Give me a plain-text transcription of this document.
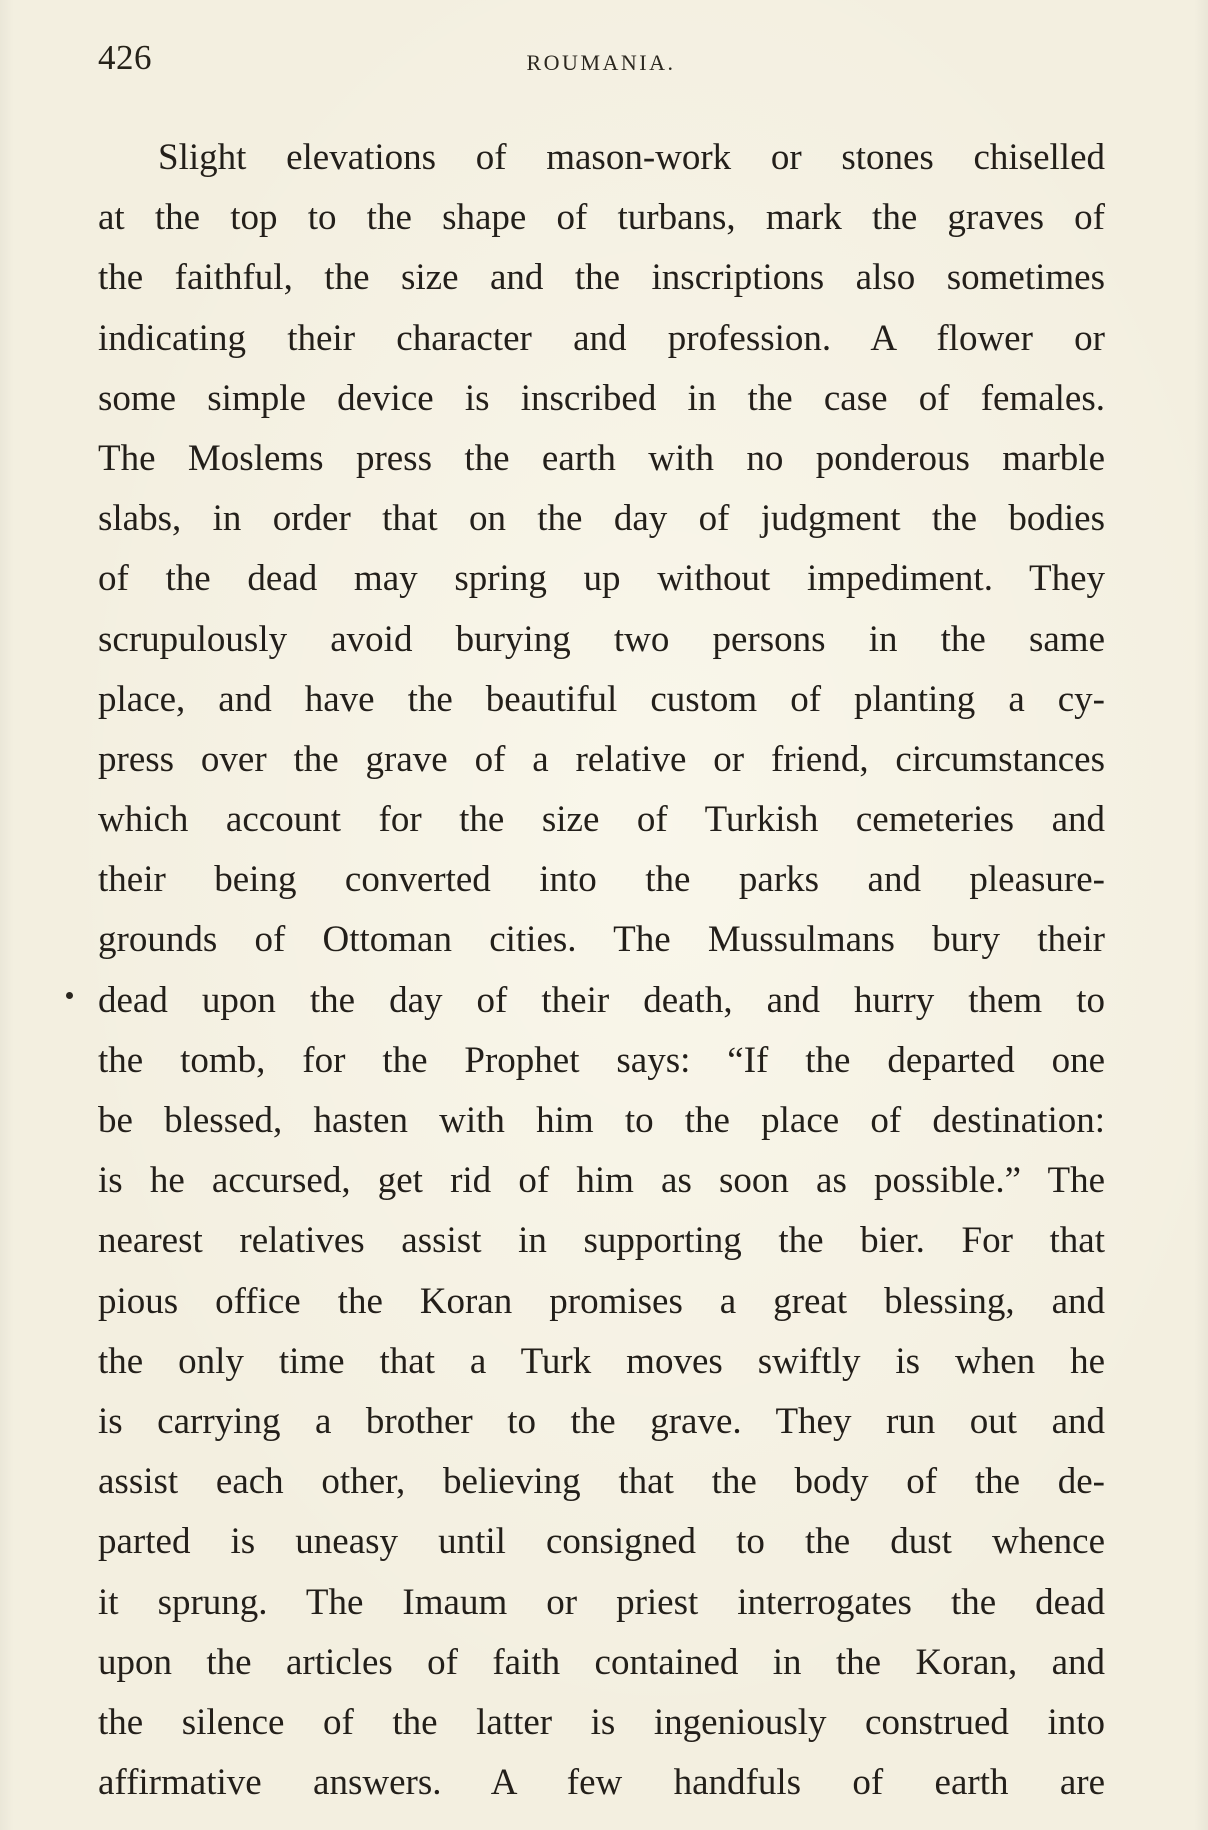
426	ROUMANIA.
Slight elevations of mason-work or stones chiselled
at the top to the shape of turbans, mark the graves of
the faithful, the size and the inscriptions also sometimes
indicating their character and profession. A flower or
some simple device is inscribed in the case of females.
The Moslems press the earth with no ponderous marble
slabs, in order that on the day of judgment the bodies
of the dead may spring up without impediment. They
scrupulously avoid burying two persons in the same
place, and have the beautiful custom of planting a cy-
press over the grave of a relative or friend, circumstances
which account for the size of Turkish cemeteries and
their being converted into the parks and pleasure-
grounds of Ottoman cities. The Mussulmans bury their
dead upon the day of their death, and hurry them to
the tomb, for the Prophet says: “If the departed one
be blessed, hasten with him to the place of destination:
is he accursed, get rid of him as soon as possible.” The
nearest relatives assist in supporting the bier. For that
pious office the Koran promises a great blessing, and
the only time that a Turk moves swiftly is when he
is carrying a brother to the grave. They run out and
assist each other, believing that the body of the de-
parted is uneasy until consigned to the dust whence
it sprung. The Imaum or priest interrogates the dead
upon the articles of faith contained in the Koran, and
the silence of the latter is ingeniously construed into
affirmative answers. A few handfuls of earth are
